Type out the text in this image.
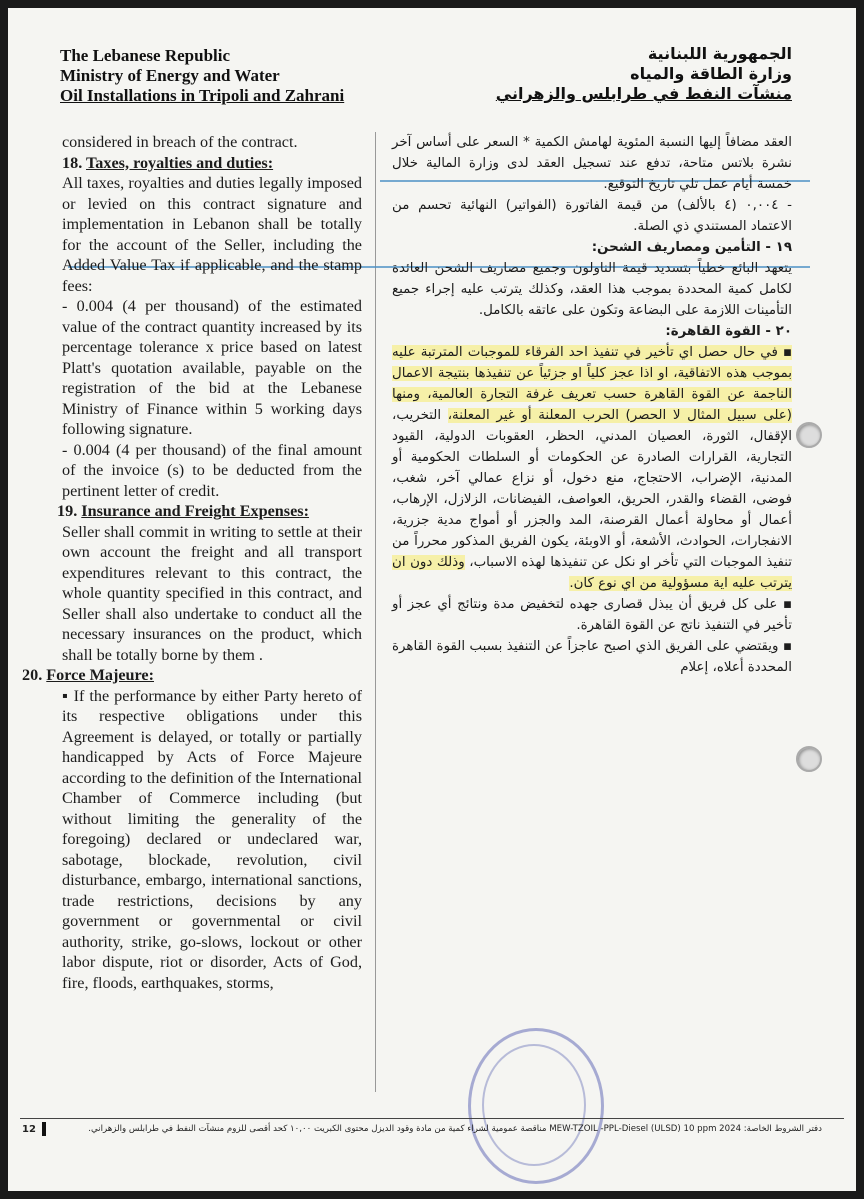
The Lebanese Republic
Ministry of Energy and Water
Oil Installations in Tripoli and Zahrani
الجمهورية اللبنانية
وزارة الطاقة والمياه
منشآت النفط في طرابلس والزهراني

considered in breach of the contract.

18. Taxes, royalties and duties:

All taxes, royalties and duties legally imposed or levied on this contract signature and implementation in Lebanon shall be totally for the account of the Seller, including the Added Value Tax if applicable, and the stamp fees:

- 0.004 (4 per thousand) of the estimated value of the contract quantity increased by its percentage tolerance x price based on latest Platt's quotation available, payable on the registration of the bid at the Lebanese Ministry of Finance within 5 working days following signature.

- 0.004 (4 per thousand) of the final amount of the invoice (s) to be deducted from the pertinent letter of credit.

19. Insurance and Freight Expenses:

Seller shall commit in writing to settle at their own account the freight and all transport expenditures relevant to this contract, the whole quantity specified in this contract, and Seller shall also undertake to conduct all the necessary insurances on the product, which shall be totally borne by them .

20. Force Majeure:

▪ If the performance by either Party hereto of its respective obligations under this Agreement is delayed, or totally or partially handicapped by Acts of Force Majeure according to the definition of the International Chamber of Commerce including (but without limiting the generality of the foregoing) declared or undeclared war, sabotage, blockade, revolution, civil disturbance, embargo, international sanctions, trade restrictions, decisions by any government or governmental or civil authority, strike, go-slows, lockout or other labor dispute, riot or disorder, Acts of God, fire, floods, earthquakes, storms,

العقد مضافاً إليها النسبة المئوية لهامش الكمية * السعر على أساس آخر نشرة بلاتس متاحة، تدفع عند تسجيل العقد لدى وزارة المالية خلال خمسة أيام عمل تلي تاريخ التوقيع.

- ٠,٠٠٤ (٤ بالألف) من قيمة الفاتورة (الفواتير) النهائية تحسم من الاعتماد المستندي ذي الصلة.

١٩ - التأمين ومصاريف الشحن:

يتعهد البائع خطياً بتسديد قيمة الناولون وجميع مصاريف الشحن العائدة لكامل كمية المحددة بموجب هذا العقد، وكذلك يترتب عليه إجراء جميع التأمينات اللازمة على البضاعة وتكون على عاتقه بالكامل.

٢٠ - القوة القاهرة:

▪ في حال حصل اي تأخير في تنفيذ احد الفرقاء للموجبات المترتبة عليه بموجب هذه الاتفاقية، او اذا عجز كلياً او جزئياً عن تنفيذها بنتيجة الاعمال الناجمة عن القوة القاهرة حسب تعريف غرفة التجارة العالمية، ومنها (على سبيل المثال لا الحصر) الحرب المعلنة أو غير المعلنة، التخريب، الإقفال، الثورة، العصيان المدني، الحظر، العقوبات الدولية، القيود التجارية، القرارات الصادرة عن الحكومات أو السلطات الحكومية أو المدنية، الإضراب، الاحتجاج، منع دخول، أو نزاع عمالي آخر، شغب، فوضى، القضاء والقدر، الحريق، العواصف، الفيضانات، الزلازل، الإرهاب، أعمال أو محاولة أعمال القرصنة، المد والجزر أو أمواج مدية جزرية، الانفجارات، الحوادث، الأشعة، أو الاوبئة، يكون الفريق المذكور محرراً من تنفيذ الموجبات التي تأخر او نكل عن تنفيذها لهذه الاسباب، وذلك دون ان يترتب عليه اية مسؤولية من اي نوع كان.

▪ على كل فريق أن يبذل قصارى جهده لتخفيض مدة ونتائج أي عجز أو تأخير في التنفيذ ناتج عن القوة القاهرة.

▪ ويقتضي على الفريق الذي اصبح عاجزاً عن التنفيذ بسبب القوة القاهرة المحددة أعلاه، إعلام

12	دفتر الشروط الخاصة: MEW-TZOIL -PPL-Diesel (ULSD) 10 ppm 2024 مناقصة عمومية لشراء كمية من مادة وقود الديزل محتوى الكبريت ١٠,٠٠ كحد أقصى للزوم منشآت النفط في طرابلس والزهراني.
